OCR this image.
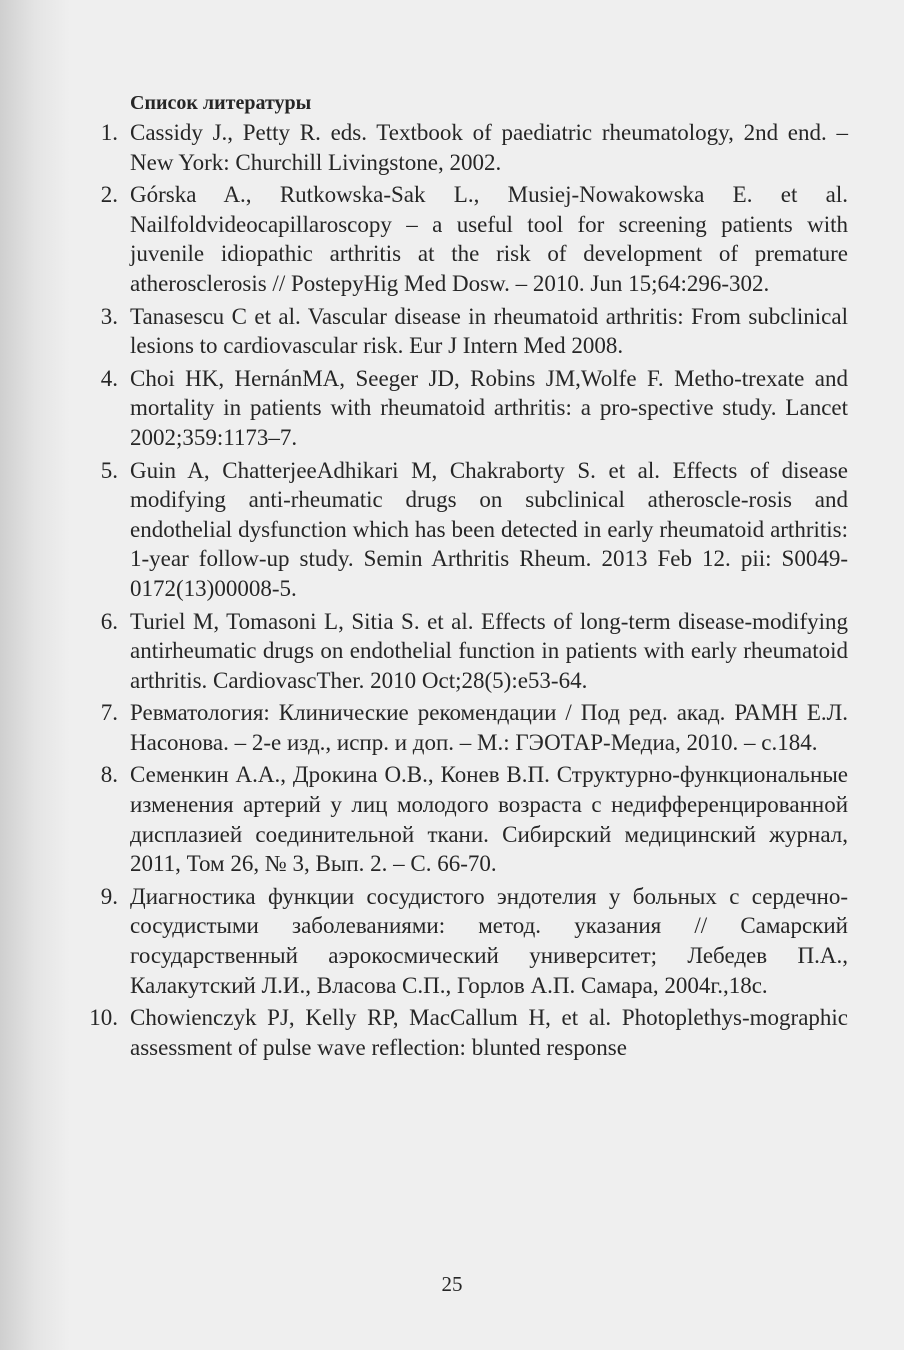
Список литературы
1. Cassidy J., Petty R. eds. Textbook of paediatric rheumatology, 2nd end. – New York: Churchill Livingstone, 2002.
2. Górska A., Rutkowska-Sak L., Musiej-Nowakowska E. et al. Nailfoldvideocapillaroscopy – a useful tool for screening patients with juvenile idiopathic arthritis at the risk of development of premature atherosclerosis // PostepyHig Med Dosw. – 2010. Jun 15;64:296-302.
3. Tanasescu C et al. Vascular disease in rheumatoid arthritis: From subclinical lesions to cardiovascular risk. Eur J Intern Med 2008.
4. Choi HK, HernánMA, Seeger JD, Robins JM,Wolfe F. Metho-trexate and mortality in patients with rheumatoid arthritis: a pro-spective study. Lancet 2002;359:1173–7.
5. Guin A, ChatterjeeAdhikari M, Chakraborty S. et al. Effects of disease modifying anti-rheumatic drugs on subclinical atheroscle-rosis and endothelial dysfunction which has been detected in early rheumatoid arthritis: 1-year follow-up study. Semin Arthritis Rheum. 2013 Feb 12. pii: S0049-0172(13)00008-5.
6. Turiel M, Tomasoni L, Sitia S. et al. Effects of long-term disease-modifying antirheumatic drugs on endothelial function in patients with early rheumatoid arthritis. CardiovascTher. 2010 Oct;28(5):e53-64.
7. Ревматология: Клинические рекомендации / Под ред. акад. РАМН Е.Л. Насонова. – 2-е изд., испр. и доп. – М.: ГЭОТАР-Медиа, 2010. – с.184.
8. Семенкин А.А., Дрокина О.В., Конев В.П. Структурно-функциональные изменения артерий у лиц молодого возраста с недифференцированной дисплазией соединительной ткани. Сибирский медицинский журнал, 2011, Том 26, № 3, Вып. 2. – С. 66-70.
9. Диагностика функции сосудистого эндотелия у больных с сердечно-сосудистыми заболеваниями: метод. указания // Самарский государственный аэрокосмический университет; Лебедев П.А., Калакутский Л.И., Власова С.П., Горлов А.П. Самара, 2004г.,18с.
10. Chowienczyk PJ, Kelly RP, MacCallum H, et al. Photoplethys-mographic assessment of pulse wave reflection: blunted response
25
